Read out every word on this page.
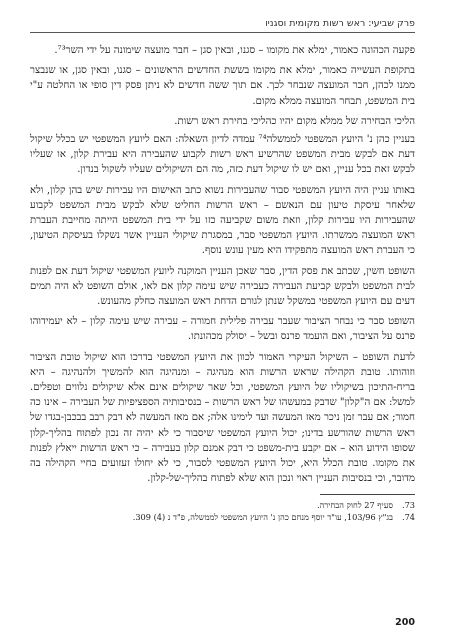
פרק שביעי: ראש רשות מקומית וסגניו

פקעה הכהונה כאמור, ימלא את מקומו – סגנו, ובאין סגן – חבר מועצה שימונה על ידי השר⁷³.

בתקופת העשייה כאמור, ימלא את מקומו בששת החדשים הראשונים – סגנו, ובאין סגן, או שנבצר ממנו לכהן, חבר המועצה שנבחר לכך. אם תוך ששה חדשים לא ניתן פסק דין סופי או החלטה ע"י בית המשפט, תבחר המועצה ממלא מקום.

הליכי הבחירה של ממלא מקום יהיו כהליכי בחירת ראש רשות.

בעניין כהן נ' היועץ המשפטי לממשלה⁷⁴ עמדה לדיון השאלה: האם ליועץ המשפטי יש בכלל שיקול דעת אם לבקש מבית המשפט שהרשיע ראש רשות לקבוע שהעבירה היא עבירת קלון, או שעליו לבקש זאת בכל עניין, ואם יש לו שיקול דעת כזה, מה הם השיקולים שעליו לשקול בנדון.

באותו עניין היה היועץ המשפטי סבור שהעבירות נשוא כתב האישום היו עבירות שיש בהן קלון, ולא שלאחר עיסקת טיעון עם הנאשם – ראש הרשות החליט שלא לבקש מבית המשפט לקבוע שהעבירות היו עבירות קלון, וזאת משום שקביעה כזו על ידי בית המשפט הייתה מחייבת העברת ראש המועצה ממשרתו. היועץ המשפטי סבר, במסגרת שיקולי העניין אשר נשקלו בעיסקת הטיעון, כי העברת ראש המועצה מתפקידו היא מעין עונש נוסף.

השופט חשין, שכתב את פסק הדין, סבר שאכן העניין המוקנה ליועץ המשפטי שיקול דעת אם לפנות לבית המשפט ולבקש קביעת העבירה כעבירה שיש עימה קלון אם לאו, אולם השופט לא היה תמים דעים עם היועץ המשפטי במשקל שנתן לגורם הדחת ראש המועצה כחלק מהעונש.

השופט סבר כי נבחר הציבור שעבר עבירה פלילית חמורה – עבירה שיש עימה קלון – לא יעמידוהו פרנס על הציבור, ואם הועמד פרנס ובשל – יסולק מכהונתו.

לדעת השופט – השיקול העיקרי האמור לכוון את היועץ המשפטי בדרכו הוא שיקול טובת הציבור וזוהותו. טובת הקהילה שראש הרשות הוא מנהיגה – ומנהיגה הוא להמשיך ולהנהיגה – היא בריח-התיכון בשיקוליו של היועץ המשפטי, וכל שאר שיקולים אינם אלא שיקולים נלווים וטפלים. למשל: אם ה"קלון" שדבק במעשהו של ראש הרשות – בנסיבותיה הספציפיות של העבירה – אינו כה חמור; אם עבר זמן ניכר מאז המעשה ועד לימינו אלה; אם מאז המעשה לא דבק רבב בבכבן-בגדו של ראש הרשות שהורשע בדינו; יכול היועץ המשפטי שיסבור כי לא יהיה זה נכון לפתוח בהליך-קלון שסופו הידוע הוא – אם יקבע בית-משפט כי דבק אמנם קלון בעבירה – כי ראש הרשות ייאלץ לפנות את מקומו. טובת הכלל היא, יכול היועץ המשפטי לסבור, כי לא יחולו זעזועים בחיי הקהילה בה מדובר, וכי בנסיבות העניין ראוי ונכון הוא שלא לפתוח בהליך-של-קלון.

73.
סעיף 27 לחוק הבחירה.
74.
בג"ץ 103/96, עו"ד יוסף מנחם כהן נ' היועץ המשפטי לממשלה, פ"ד נ (4) 309.
200
